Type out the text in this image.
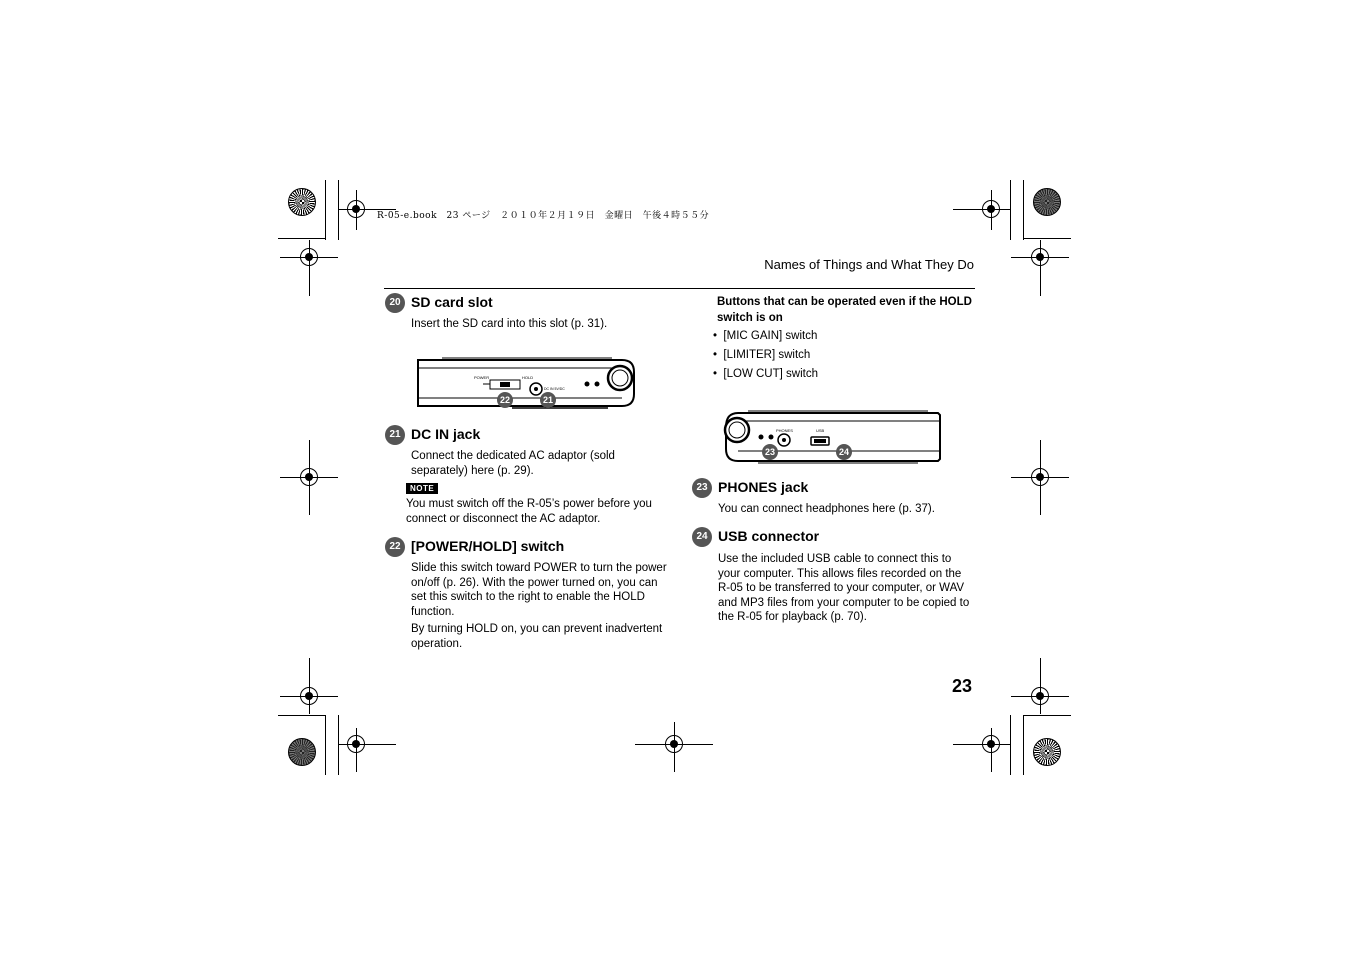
R-05-e.book　23 ページ　２０１０年２月１９日　金曜日　午後４時５５分
Names of Things and What They Do
20 SD card slot
Insert the SD card into this slot (p. 31).
POWER	HOLD
DC IN 5V/DC
22	21
21 DC IN jack
Connect the dedicated AC adaptor (sold separately) here (p. 29).
NOTE
You must switch off the R-05’s power before you connect or disconnect the AC adaptor.
22 [POWER/HOLD] switch
Slide this switch toward POWER to turn the power on/off (p. 26). With the power turned on, you can set this switch to the right to enable the HOLD function.
By turning HOLD on, you can prevent inadvertent operation.
Buttons that can be operated even if the HOLD switch is on
•  [MIC GAIN] switch
•  [LIMITER] switch
•  [LOW CUT] switch
PHONES	USB
23	24
23 PHONES jack
You can connect headphones here (p. 37).
24 USB connector
Use the included USB cable to connect this to your computer. This allows files recorded on the R-05 to be transferred to your computer, or WAV and MP3 files from your computer to be copied to the R-05 for playback (p. 70).
23
